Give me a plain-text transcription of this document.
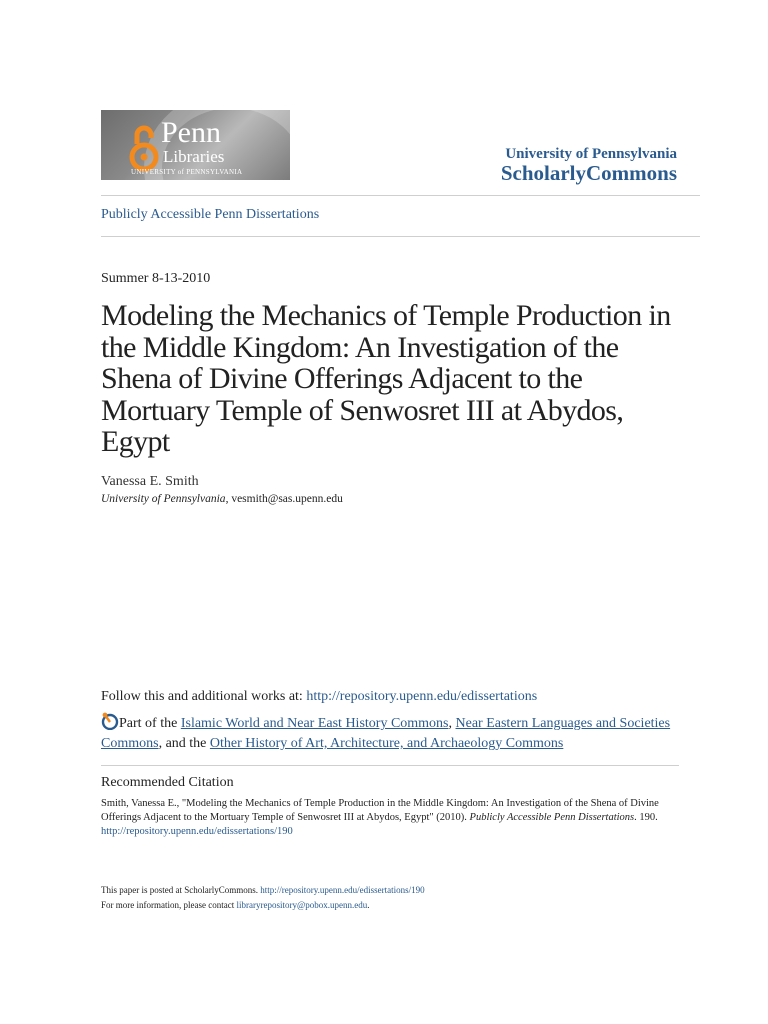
Penn
Libraries
UNIVERSITY of PENNSYLVANIA
University of Pennsylvania
ScholarlyCommons
Publicly Accessible Penn Dissertations
Summer 8-13-2010
Modeling the Mechanics of Temple Production in the Middle Kingdom: An Investigation of the Shena of Divine Offerings Adjacent to the Mortuary Temple of Senwosret III at Abydos, Egypt
Vanessa E. Smith
University of Pennsylvania, vesmith@sas.upenn.edu
Follow this and additional works at: http://repository.upenn.edu/edissertations
Part of the Islamic World and Near East History Commons, Near Eastern Languages and Societies Commons, and the Other History of Art, Architecture, and Archaeology Commons
Recommended Citation
Smith, Vanessa E., "Modeling the Mechanics of Temple Production in the Middle Kingdom: An Investigation of the Shena of Divine Offerings Adjacent to the Mortuary Temple of Senwosret III at Abydos, Egypt" (2010). Publicly Accessible Penn Dissertations. 190.
http://repository.upenn.edu/edissertations/190
This paper is posted at ScholarlyCommons. http://repository.upenn.edu/edissertations/190
For more information, please contact libraryrepository@pobox.upenn.edu.
